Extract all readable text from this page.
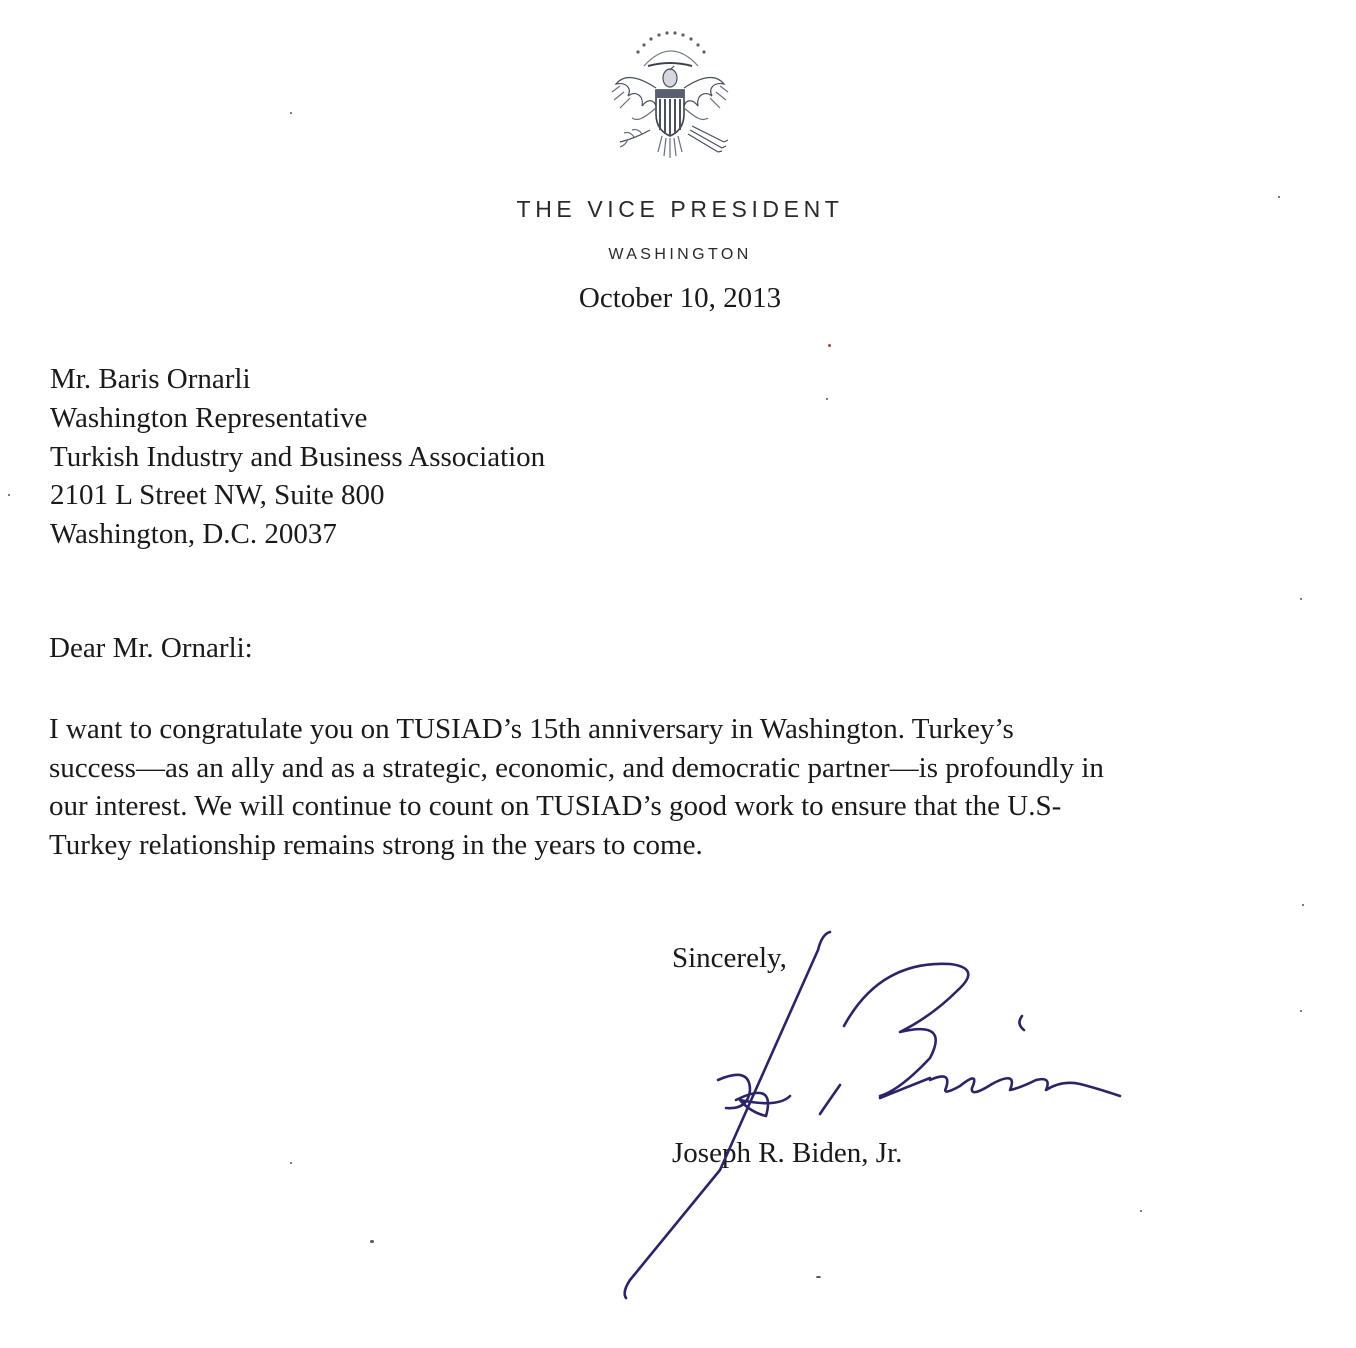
THE VICE PRESIDENT
WASHINGTON
October 10, 2013
Mr. Baris Ornarli
Washington Representative
Turkish Industry and Business Association
2101 L Street NW, Suite 800
Washington, D.C. 20037
Dear Mr. Ornarli:
I want to congratulate you on TUSIAD’s 15th anniversary in Washington. Turkey’s
success—as an ally and as a strategic, economic, and democratic partner—is profoundly in
our interest. We will continue to count on TUSIAD’s good work to ensure that the U.S-
Turkey relationship remains strong in the years to come.
Sincerely,
Joseph R. Biden, Jr.
